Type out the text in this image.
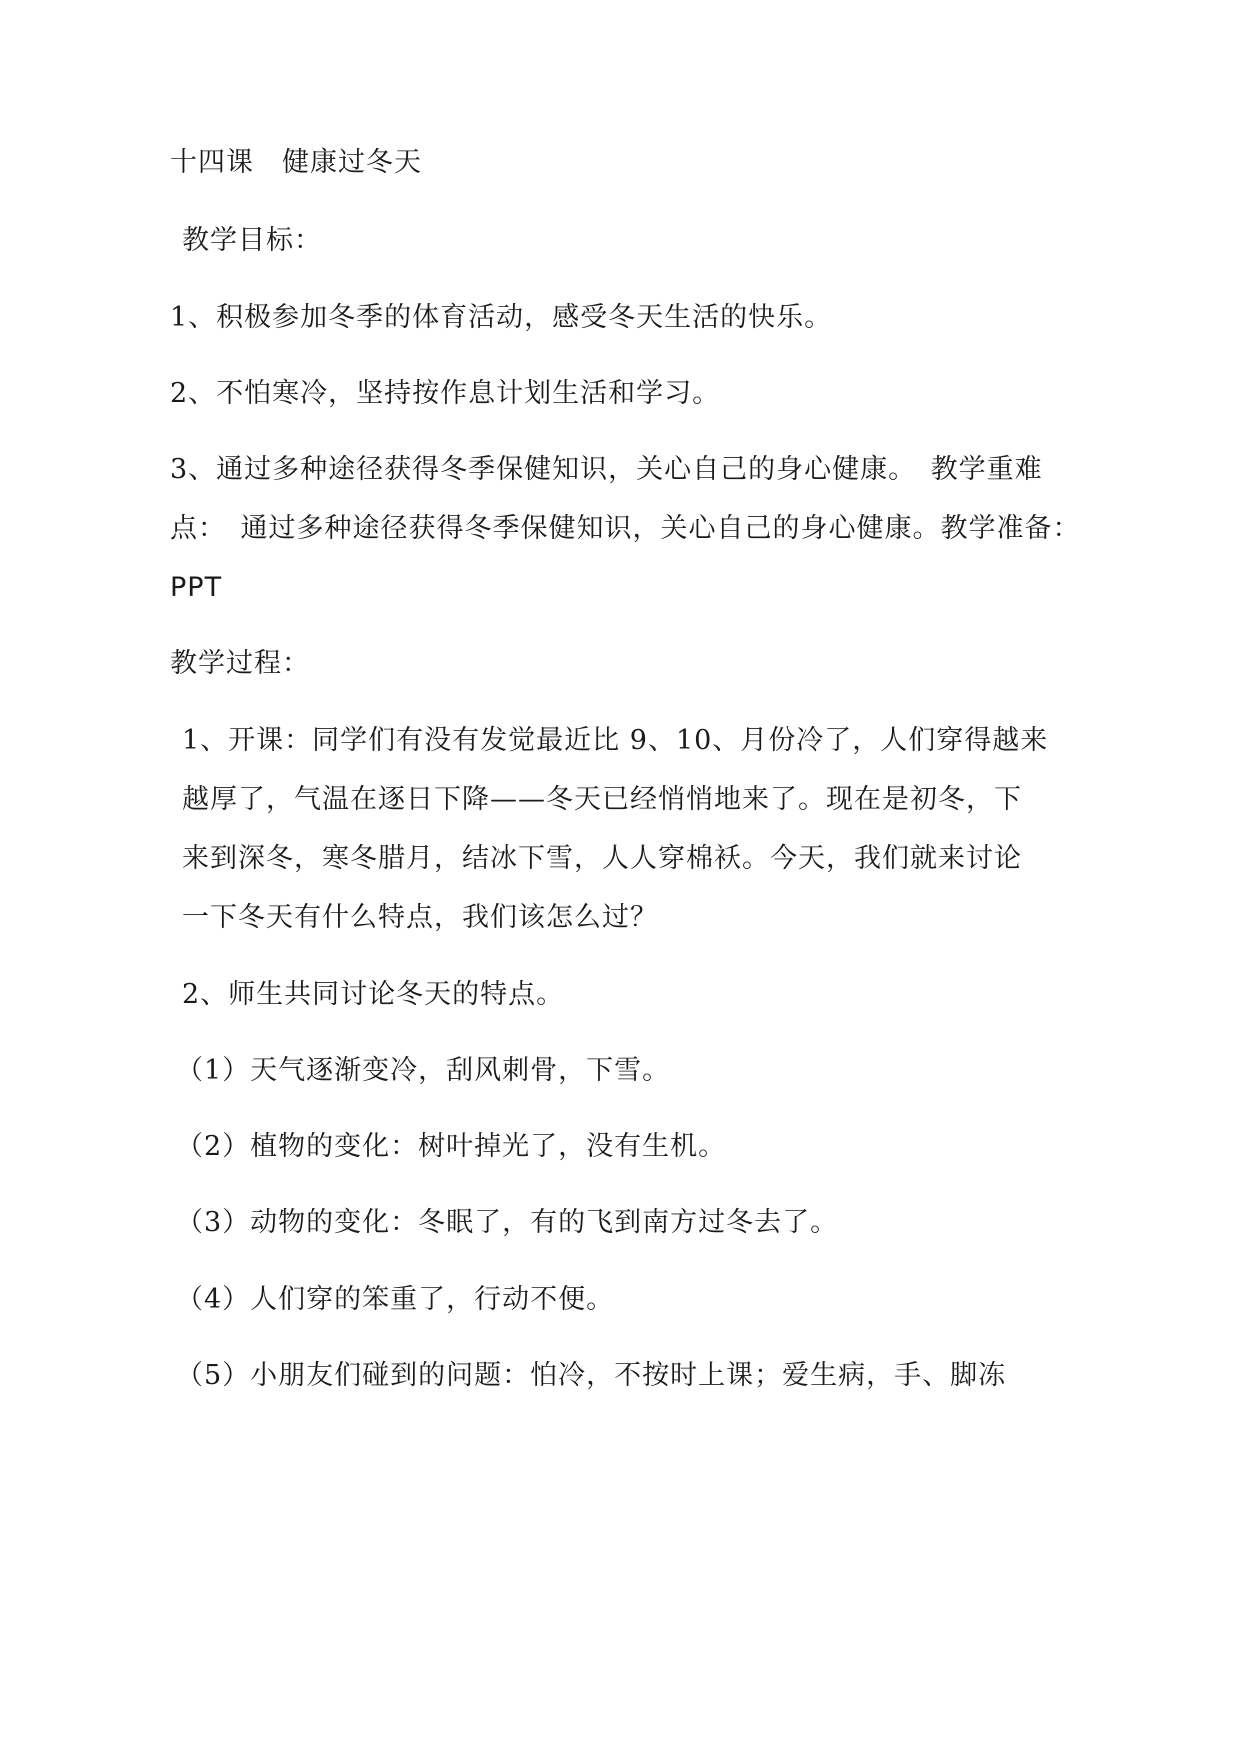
十四课　健康过冬天
教学目标：
1、积极参加冬季的体育活动，感受冬天生活的快乐。
2、不怕寒冷，坚持按作息计划生活和学习。
3、通过多种途径获得冬季保健知识，关心自己的身心健康。　教学重难
点： 通过多种途径获得冬季保健知识，关心自己的身心健康。教学准备：
PPT
教学过程：
1、开课：同学们有没有发觉最近比 9、10、月份冷了，人们穿得越来
越厚了，气温在逐日下降——冬天已经悄悄地来了。现在是初冬，下
来到深冬，寒冬腊月，结冰下雪，人人穿棉袄。今天，我们就来讨论
一下冬天有什么特点，我们该怎么过？
2、师生共同讨论冬天的特点。
（1）天气逐渐变冷，刮风刺骨，下雪。
（2）植物的变化：树叶掉光了，没有生机。
（3）动物的变化：冬眠了，有的飞到南方过冬去了。
（4）人们穿的笨重了，行动不便。
（5）小朋友们碰到的问题：怕冷，不按时上课；爱生病，手、脚冻
